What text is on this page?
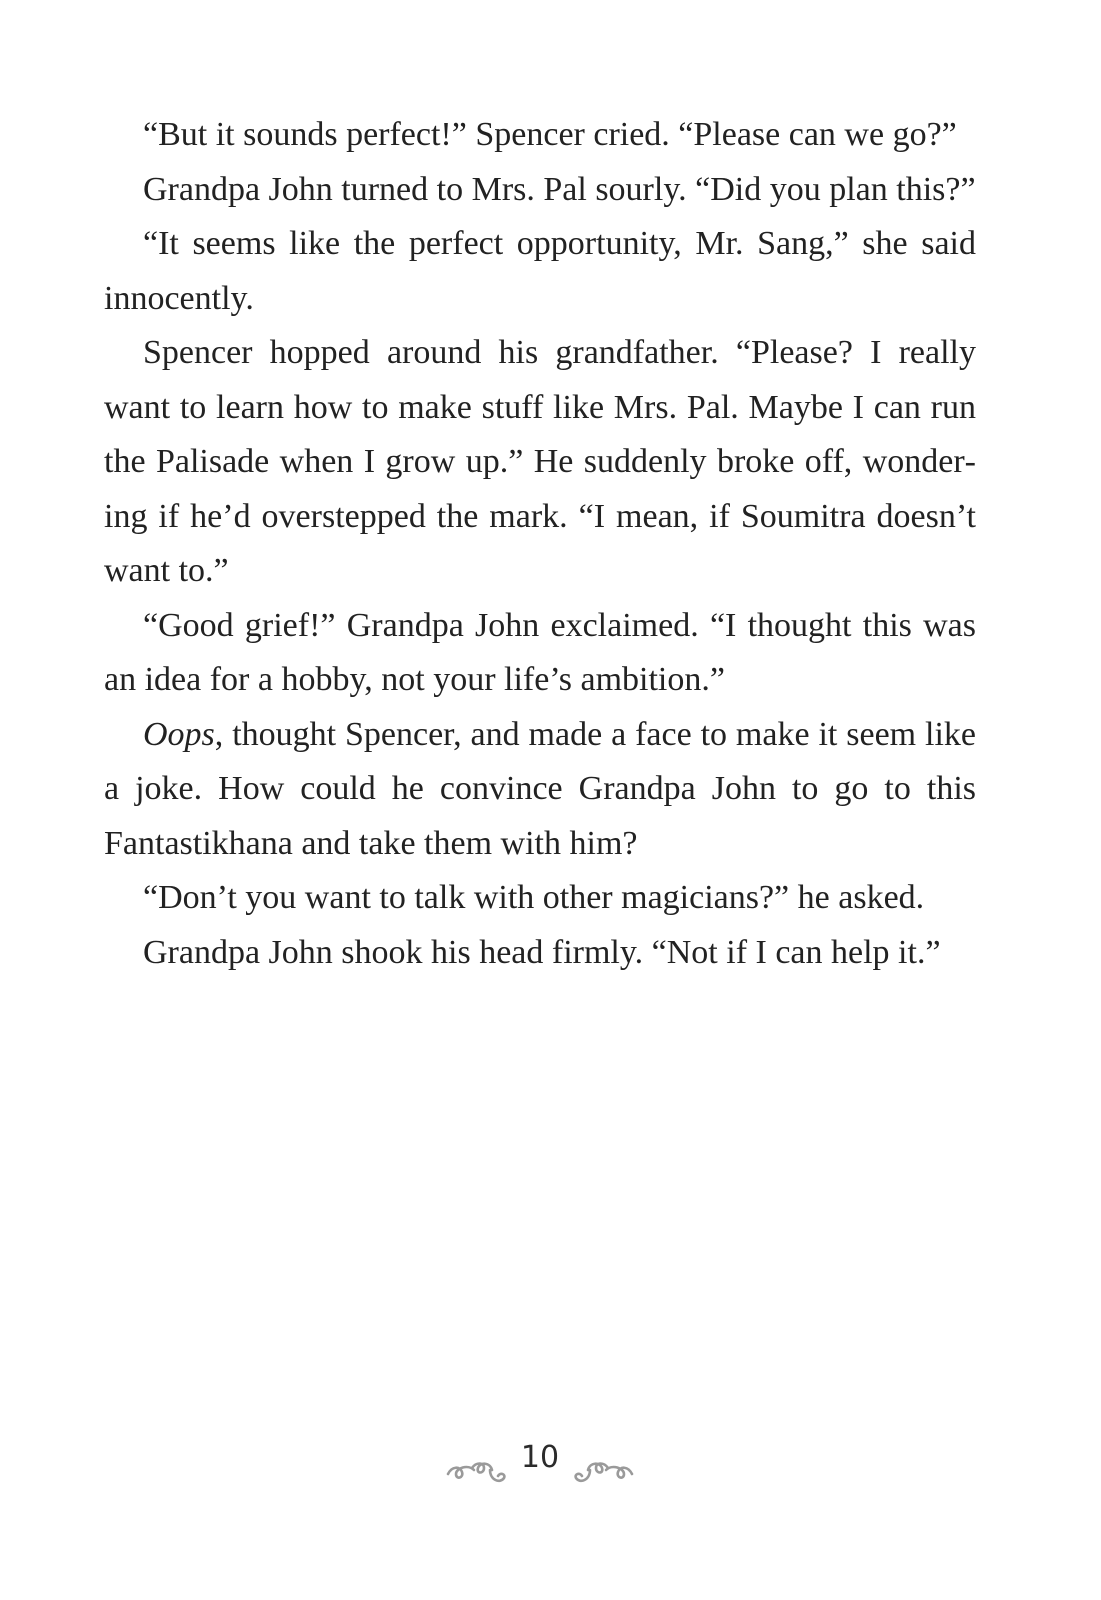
“But it sounds perfect!” Spencer cried. “Please can we go?”

Grandpa John turned to Mrs. Pal sourly. “Did you plan this?”

“It seems like the perfect opportunity, Mr. Sang,” she said innocently.

Spencer hopped around his grandfather. “Please? I really want to learn how to make stuff like Mrs. Pal. Maybe I can run the Palisade when I grow up.” He suddenly broke off, wondering if he’d overstepped the mark. “I mean, if Soumitra doesn’t want to.”

“Good grief!” Grandpa John exclaimed. “I thought this was an idea for a hobby, not your life’s ambition.”

Oops, thought Spencer, and made a face to make it seem like a joke. How could he convince Grandpa John to go to this Fantastikhana and take them with him?

“Don’t you want to talk with other magicians?” he asked.

Grandpa John shook his head firmly. “Not if I can help it.”

10
